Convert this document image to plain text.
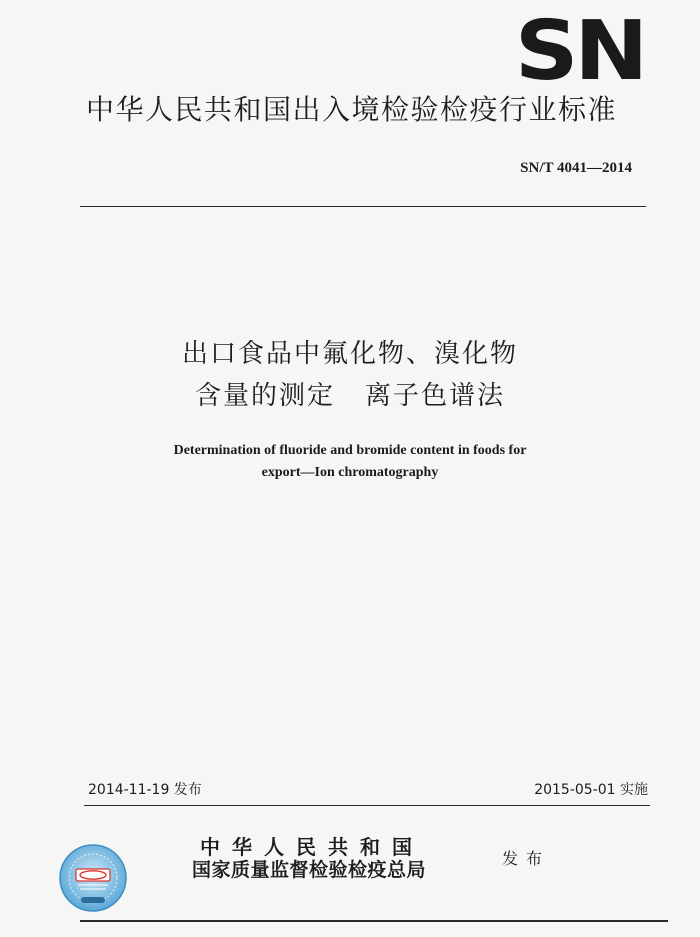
SN
中华人民共和国出入境检验检疫行业标准
SN/T 4041—2014
出口食品中氟化物、溴化物
含量的测定 离子色谱法
Determination of fluoride and bromide content in foods for
export—Ion chromatography
2014-11-19 发布	2015-05-01 实施
中华人民共和国
国家质量监督检验检疫总局
发布
